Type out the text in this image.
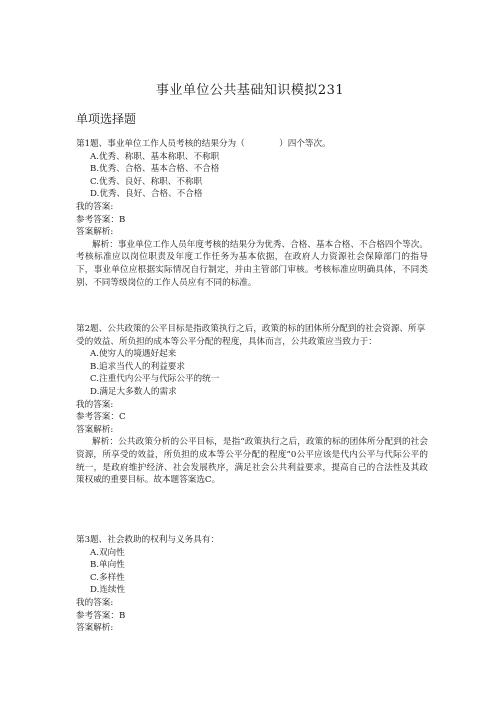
事业单位公共基础知识模拟231
单项选择题

第1题、事业单位工作人员考核的结果分为（　　　　）四个等次。

A.优秀、称职、基本称职、不称职
B.优秀、合格、基本合格、不合格
C.优秀、良好、称职、不称职
D.优秀、良好、合格、不合格

我的答案:

参考答案：B

答案解析:

解析：事业单位工作人员年度考核的结果分为优秀、合格、基本合格、不合格四个等次。考核标准应以岗位职责及年度工作任务为基本依据，在政府人力资源社会保障部门的指导下，事业单位应根据实际情况自行制定，并由主管部门审核。考核标准应明确具体，不同类别、不同等级岗位的工作人员应有不同的标准。

第2题、公共政策的公平目标是指政策执行之后，政策的标的团体所分配到的社会资源、所享受的效益、所负担的成本等公平分配的程度，具体而言，公共政策应当致力于：

A.使穷人的境遇好起来
B.追求当代人的利益要求
C.注重代内公平与代际公平的统一
D.满足大多数人的需求

我的答案:

参考答案：C

答案解析:

解析：公共政策分析的公平目标，是指“政策执行之后，政策的标的团体所分配到的社会资源，所享受的效益，所负担的成本等公平分配的程度”0公平应该是代内公平与代际公平的统一，是政府维护经济、社会发展秩序，满足社会公共利益要求，提高自己的合法性及其政策权威的重要目标。故本题答案选C。

第3题、社会救助的权利与义务具有：

A.双向性
B.单向性
C.多样性
D.连续性

我的答案:

参考答案：B

答案解析:
